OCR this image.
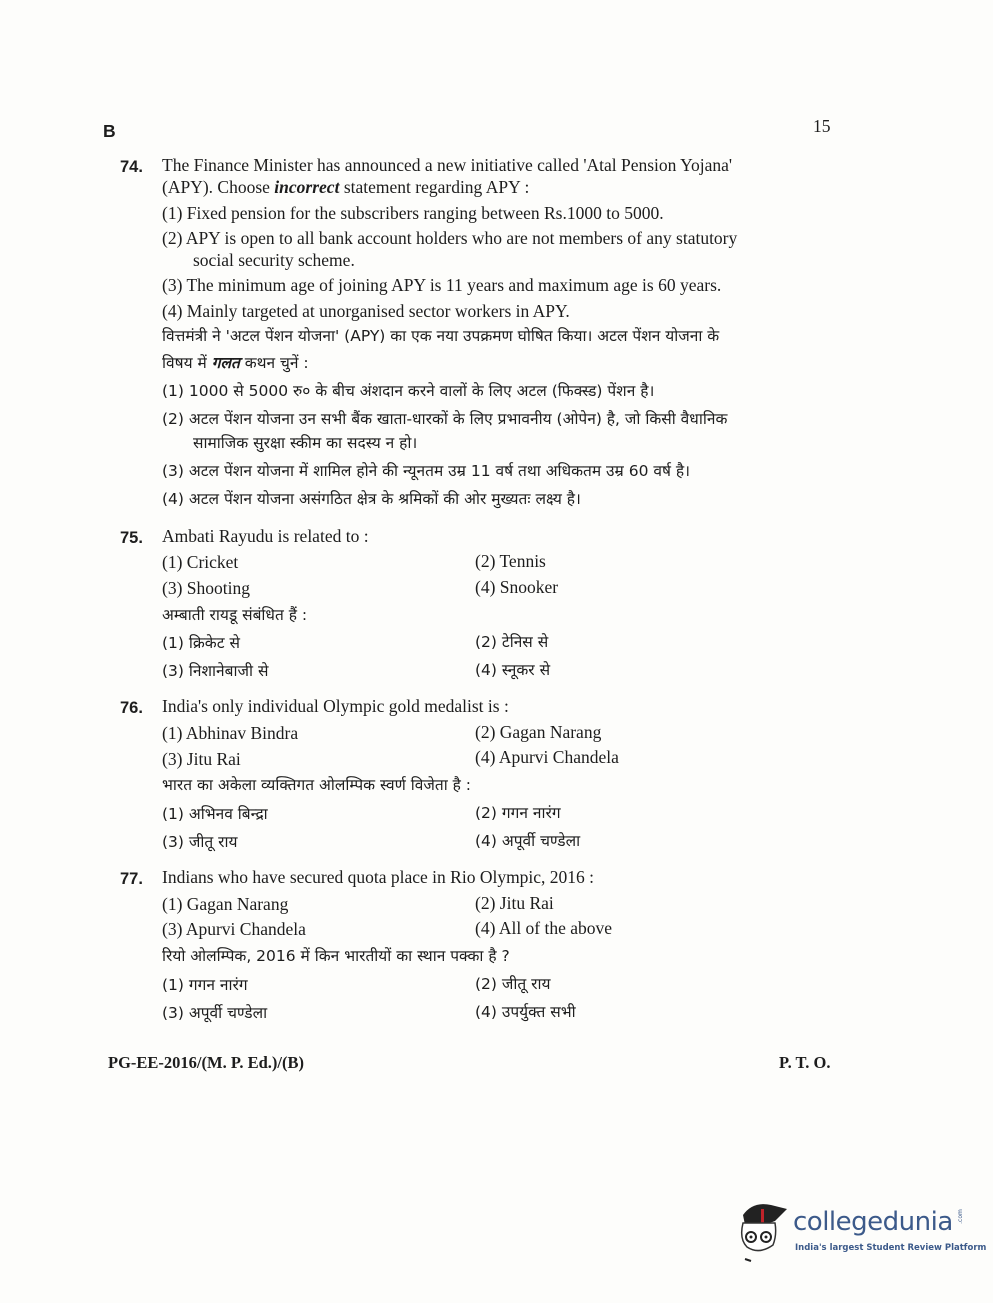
B	15
74. The Finance Minister has announced a new initiative called 'Atal Pension Yojana'
(APY). Choose incorrect statement regarding APY :
(1) Fixed pension for the subscribers ranging between Rs.1000 to 5000.
(2) APY is open to all bank account holders who are not members of any statutory
social security scheme.
(3) The minimum age of joining APY is 11 years and maximum age is 60 years.
(4) Mainly targeted at unorganised sector workers in APY.
वित्तमंत्री ने 'अटल पेंशन योजना' (APY) का एक नया उपक्रमण घोषित किया। अटल पेंशन योजना के
विषय में गलत कथन चुनें :
(1) 1000 से 5000 रु० के बीच अंशदान करने वालों के लिए अटल (फिक्स्ड) पेंशन है।
(2) अटल पेंशन योजना उन सभी बैंक खाता-धारकों के लिए प्रभावनीय (ओपेन) है, जो किसी वैधानिक
सामाजिक सुरक्षा स्कीम का सदस्य न हो।
(3) अटल पेंशन योजना में शामिल होने की न्यूनतम उम्र 11 वर्ष तथा अधिकतम उम्र 60 वर्ष है।
(4) अटल पेंशन योजना असंगठित क्षेत्र के श्रमिकों की ओर मुख्यतः लक्ष्य है।
75. Ambati Rayudu is related to :
(1) Cricket	(2) Tennis
(3) Shooting	(4) Snooker
अम्बाती रायडू संबंधित हैं :
(1) क्रिकेट से	(2) टेनिस से
(3) निशानेबाजी से	(4) स्नूकर से
76. India's only individual Olympic gold medalist is :
(1) Abhinav Bindra	(2) Gagan Narang
(3) Jitu Rai	(4) Apurvi Chandela
भारत का अकेला व्यक्तिगत ओलम्पिक स्वर्ण विजेता है :
(1) अभिनव बिन्द्रा	(2) गगन नारंग
(3) जीतू राय	(4) अपूर्वी चण्डेला
77. Indians who have secured quota place in Rio Olympic, 2016 :
(1) Gagan Narang	(2) Jitu Rai
(3) Apurvi Chandela	(4) All of the above
रियो ओलम्पिक, 2016 में किन भारतीयों का स्थान पक्का है ?
(1) गगन नारंग	(2) जीतू राय
(3) अपूर्वी चण्डेला	(4) उपर्युक्त सभी
PG-EE-2016/(M. P. Ed.)/(B)	P. T. O.
collegedunia .com
India's largest Student Review Platform
